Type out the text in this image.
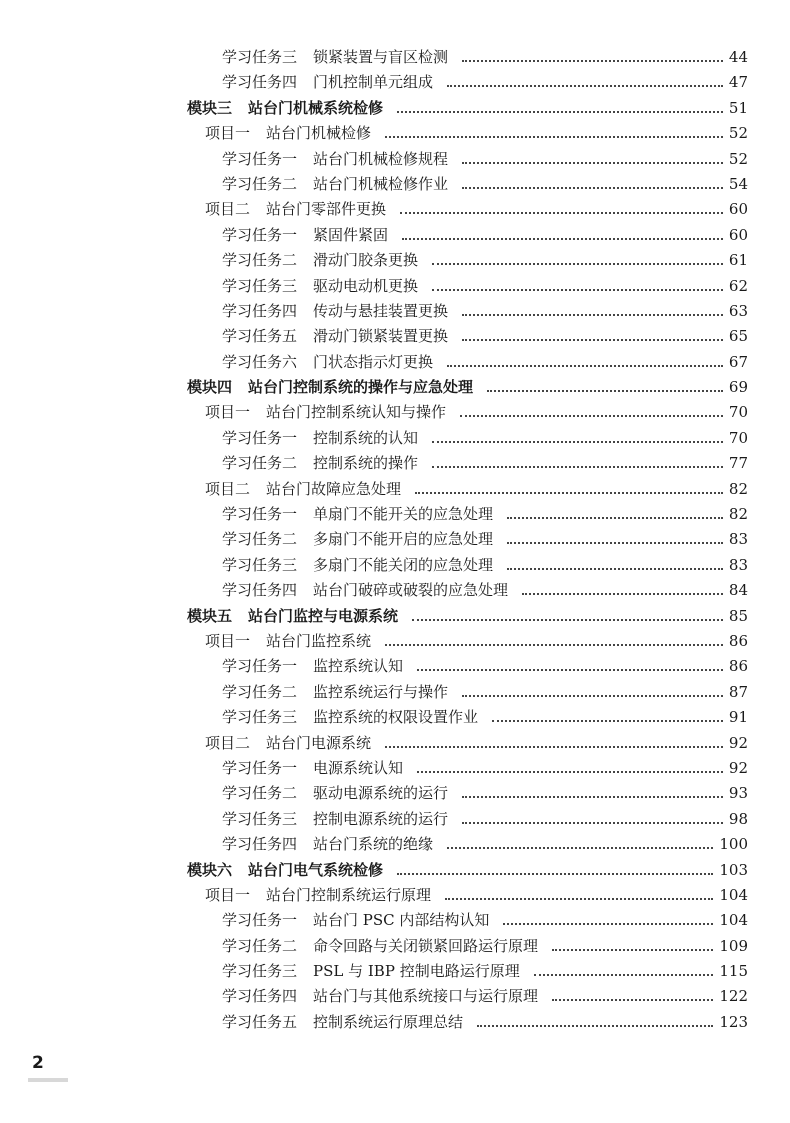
学习任务三 锁紧装置与盲区检测	44
学习任务四 门机控制单元组成	47
模块三 站台门机械系统检修	51
项目一 站台门机械检修	52
学习任务一 站台门机械检修规程	52
学习任务二 站台门机械检修作业	54
项目二 站台门零部件更换	60
学习任务一 紧固件紧固	60
学习任务二 滑动门胶条更换	61
学习任务三 驱动电动机更换	62
学习任务四 传动与悬挂装置更换	63
学习任务五 滑动门锁紧装置更换	65
学习任务六 门状态指示灯更换	67
模块四 站台门控制系统的操作与应急处理	69
项目一 站台门控制系统认知与操作	70
学习任务一 控制系统的认知	70
学习任务二 控制系统的操作	77
项目二 站台门故障应急处理	82
学习任务一 单扇门不能开关的应急处理	82
学习任务二 多扇门不能开启的应急处理	83
学习任务三 多扇门不能关闭的应急处理	83
学习任务四 站台门破碎或破裂的应急处理	84
模块五 站台门监控与电源系统	85
项目一 站台门监控系统	86
学习任务一 监控系统认知	86
学习任务二 监控系统运行与操作	87
学习任务三 监控系统的权限设置作业	91
项目二 站台门电源系统	92
学习任务一 电源系统认知	92
学习任务二 驱动电源系统的运行	93
学习任务三 控制电源系统的运行	98
学习任务四 站台门系统的绝缘	100
模块六 站台门电气系统检修	103
项目一 站台门控制系统运行原理	104
学习任务一 站台门 PSC 内部结构认知	104
学习任务二 命令回路与关闭锁紧回路运行原理	109
学习任务三 PSL 与 IBP 控制电路运行原理	115
学习任务四 站台门与其他系统接口与运行原理	122
学习任务五 控制系统运行原理总结	123
2
